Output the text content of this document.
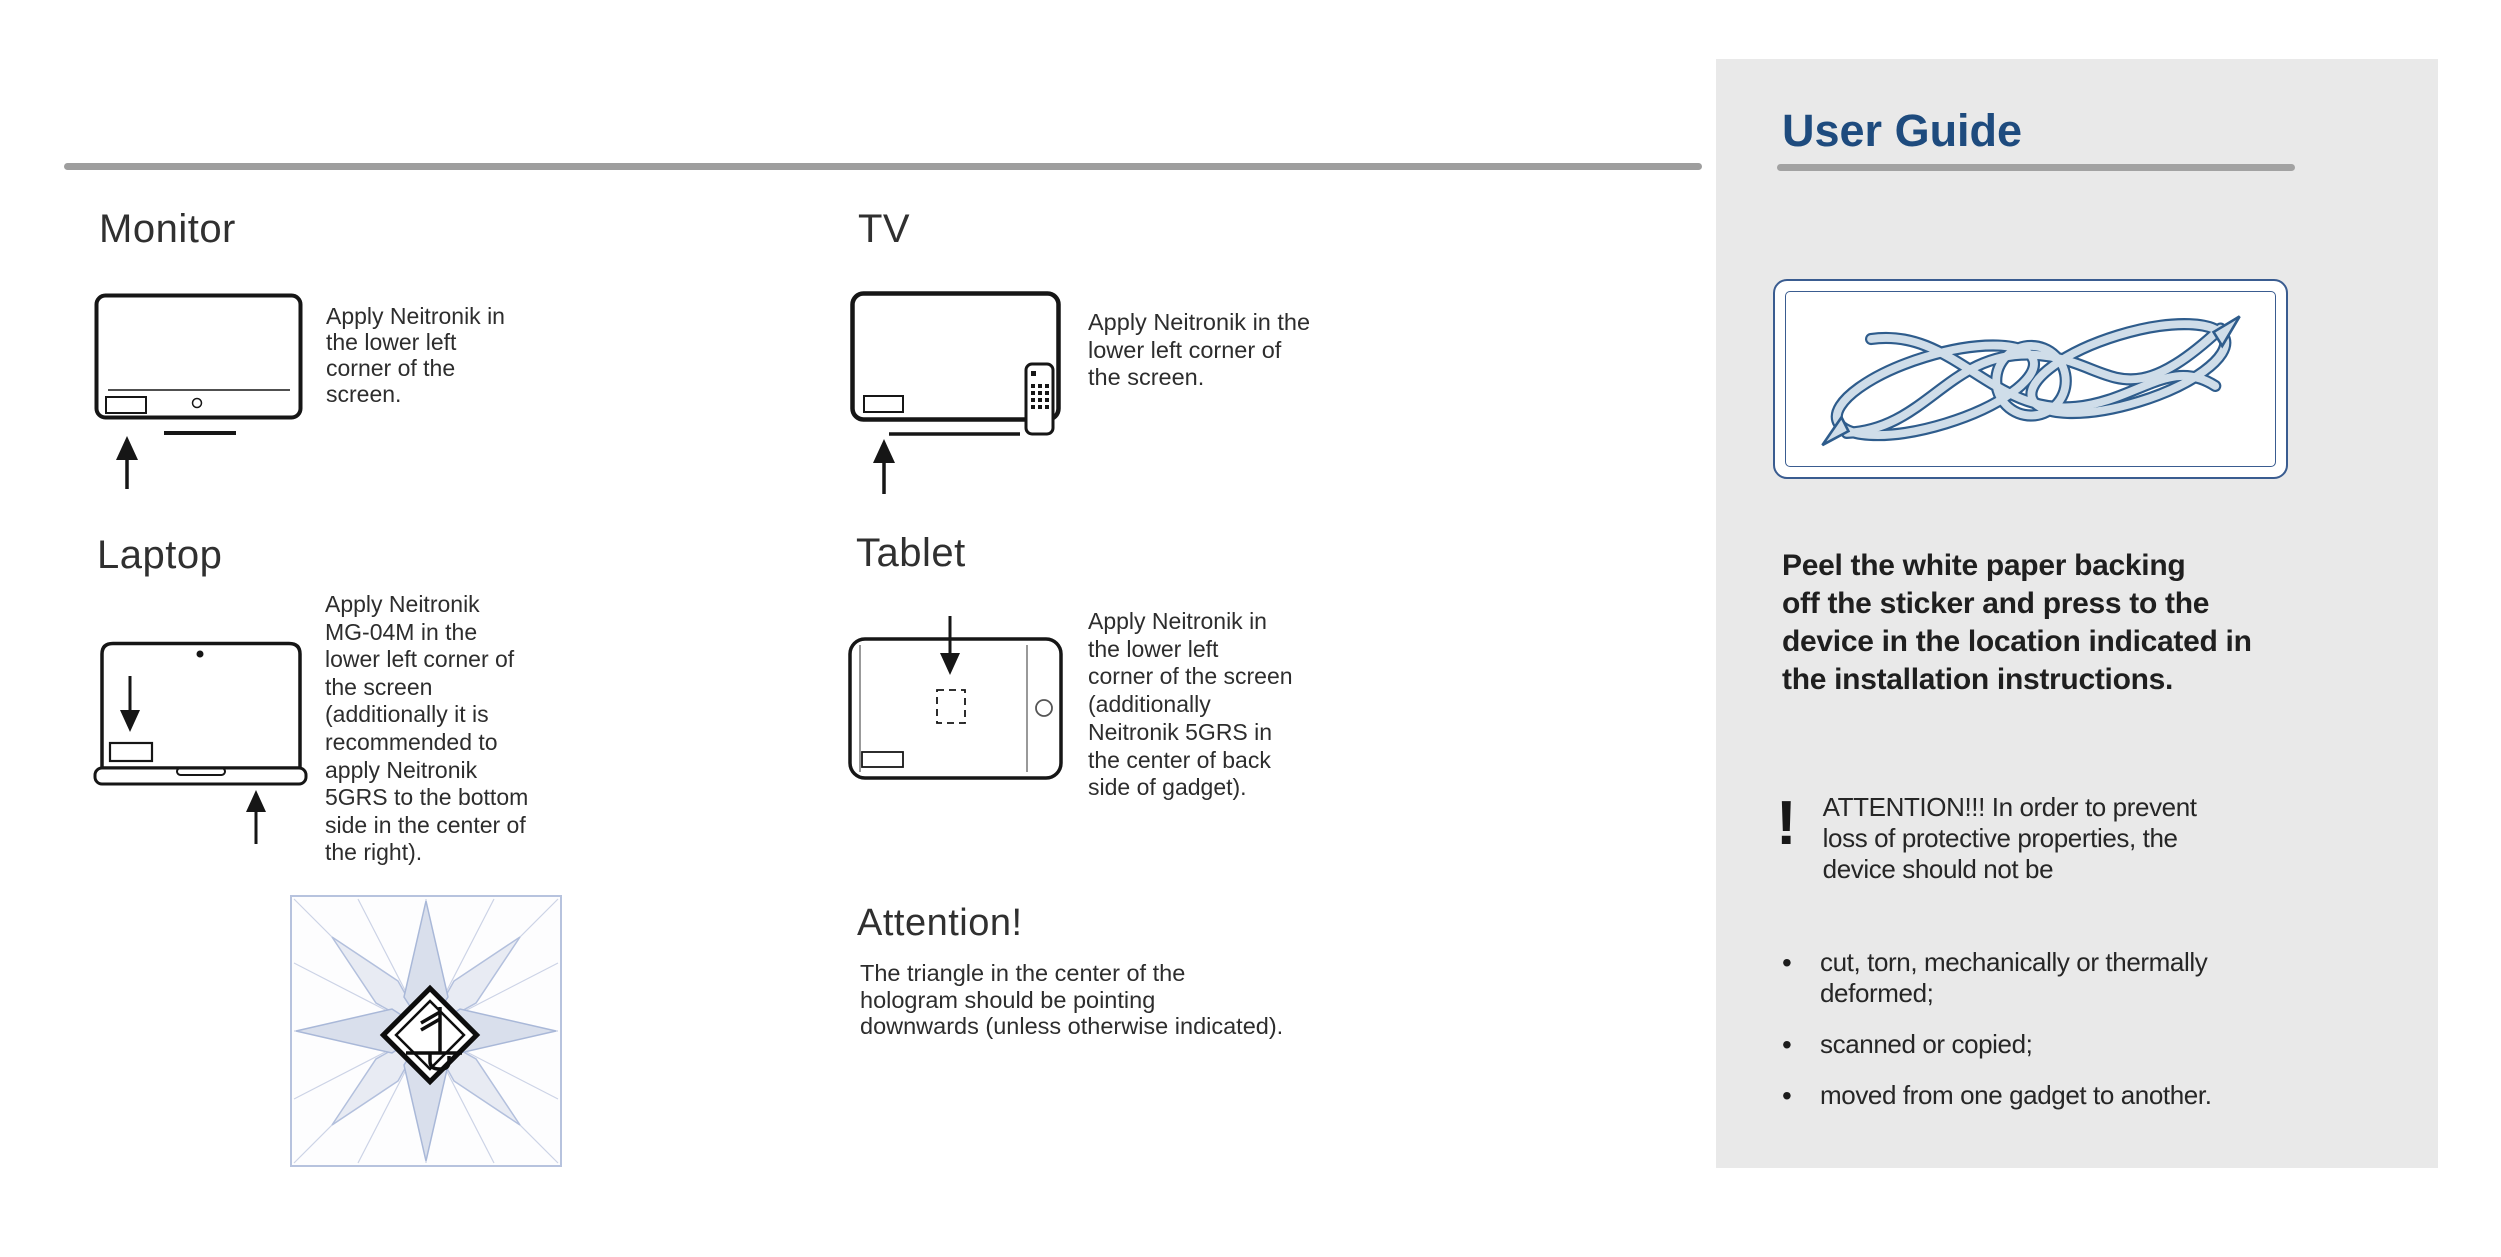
Monitor
Apply Neitronik in
the lower left
corner of the
screen.
TV
Apply Neitronik in the
lower left corner of
the screen.
Laptop
Apply Neitronik
MG-04M in the
lower left corner of
the screen
(additionally it is
recommended to
apply Neitronik
5GRS to the bottom
side in the center of
the right).
Tablet
Apply Neitronik in
the lower left
corner of the screen
(additionally
Neitronik 5GRS in
the center of back
side of gadget).
Attention!
The triangle in the center of the
hologram should be pointing
downwards (unless otherwise indicated).
User Guide
Peel the white paper backing
off the sticker and press to the
device in the location indicated in
the installation instructions.
! ATTENTION!!! In order to prevent
loss of protective properties, the
device should not be
•	cut, torn, mechanically or thermally deformed;
•	scanned or copied;
•	moved from one gadget to another.
